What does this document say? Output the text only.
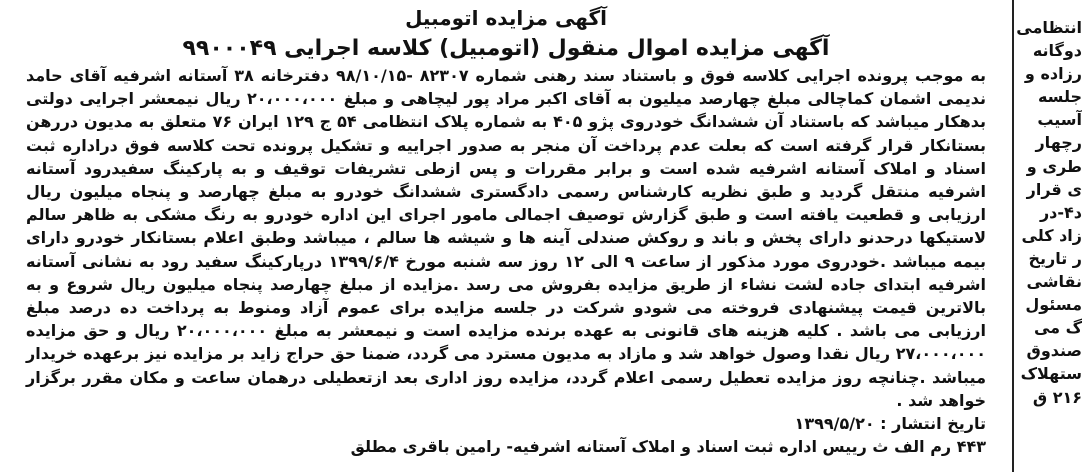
آگهی مزایده اتومبیل
آگهی مزایده اموال منقول (اتومبیل) کلاسه اجرایی ۹۹۰۰۰۴۹

به موجب پرونده اجرایی کلاسه فوق و باستناد سند رهنی شماره ۸۲۳۰۷ -۹۸/۱۰/۱۵ دفترخانه ۳۸ آستانه اشرفیه آقای حامد ندیمی اشمان کماچالی مبلغ چهارصد میلیون به آقای اکبر مراد پور لیچاهی و مبلغ ۲۰،۰۰۰،۰۰۰ ریال نیمعشر اجرایی دولتی بدهکار میباشد که باستناد آن ششدانگ خودروی پژو ۴۰۵ به شماره پلاک انتظامی ۵۴ ج ۱۲۹ ایران ۷۶ متعلق به مدیون دررهن بستانکار قرار گرفته است که بعلت عدم پرداخت آن منجر به صدور اجراییه و تشکیل پرونده تحت کلاسه فوق دراداره ثبت اسناد و املاک آستانه اشرفیه شده است و برابر مقررات و پس ازطی تشریفات توقیف و به پارکینگ سفیدرود آستانه اشرفیه منتقل گردید و طبق نظریه کارشناس رسمی دادگستری ششدانگ خودرو به مبلغ چهارصد و پنجاه میلیون ریال ارزیابی و قطعیت یافته است و طبق گزارش توصیف اجمالی مامور اجرای این اداره خودرو به رنگ مشکی به ظاهر سالم لاستیکها درحدنو دارای پخش و باند و روکش صندلی آینه ها و شیشه ها سالم ، میباشد وطبق اعلام بستانکار خودرو دارای بیمه میباشد .خودروی مورد مذکور از ساعت ۹ الی ۱۲ روز سه شنبه مورخ ۱۳۹۹/۶/۴ درپارکینگ سفید رود به نشانی آستانه اشرفیه ابتدای جاده لشت نشاء از طریق مزایده بفروش می رسد .مزایده از مبلغ چهارصد پنجاه میلیون ریال شروع و به بالاترین قیمت پیشنهادی فروخته می شودو شرکت در جلسه مزایده برای عموم آزاد ومنوط به پرداخت ده درصد مبلغ ارزیابی می باشد . کلیه هزینه های قانونی به عهده برنده مزایده است و نیمعشر به مبلغ ۲۰،۰۰۰،۰۰۰ ریال و حق مزایده ۲۷،۰۰۰،۰۰۰ ریال نقدا وصول خواهد شد و مازاد به مدیون مسترد می گردد، ضمنا حق حراج زاید بر مزایده نیز برعهده خریدار میباشد .چنانچه روز مزایده تعطیل رسمی اعلام گردد، مزایده روز اداری بعد ازتعطیلی درهمان ساعت و مکان مقرر برگزار خواهد شد .

تاریخ انتشار : ۱۳۹۹/۵/۲۰

۴۴۳ رم الف ث رییس اداره ثبت اسناد و املاک آستانه اشرفیه- رامین باقری مطلق

انتظامی
دوگانه
رزاده و
جلسه
آسیب
رچهار
طری و
ی قرار
د۴-در
زاد کلی
ر تاریخ
نقاشی
مسئول
گ می
صندوق
ستهلاک
۲۱۶ ق
